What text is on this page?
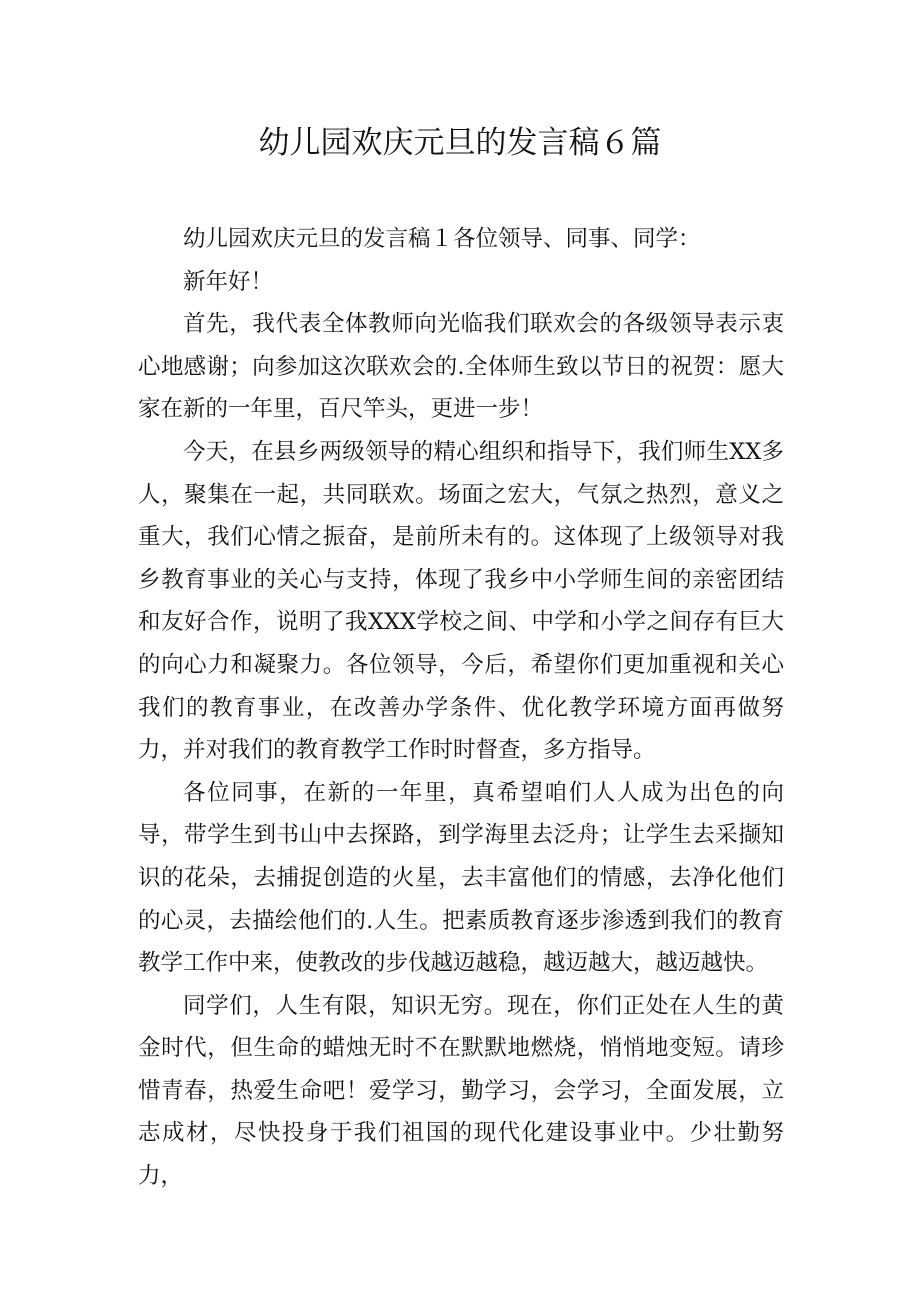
幼儿园欢庆元旦的发言稿６篇

幼儿园欢庆元旦的发言稿１各位领导、同事、同学：

新年好！

首先，我代表全体教师向光临我们联欢会的各级领导表示衷心地感谢；向参加这次联欢会的.全体师生致以节日的祝贺：愿大家在新的一年里，百尺竿头，更进一步！

今天，在县乡两级领导的精心组织和指导下，我们师生XX多人，聚集在一起，共同联欢。场面之宏大，气氛之热烈，意义之重大，我们心情之振奋，是前所未有的。这体现了上级领导对我乡教育事业的关心与支持，体现了我乡中小学师生间的亲密团结和友好合作，说明了我XXX学校之间、中学和小学之间存有巨大的向心力和凝聚力。各位领导，今后，希望你们更加重视和关心我们的教育事业，在改善办学条件、优化教学环境方面再做努力，并对我们的教育教学工作时时督查，多方指导。

各位同事，在新的一年里，真希望咱们人人成为出色的向导，带学生到书山中去探路，到学海里去泛舟；让学生去采撷知识的花朵，去捕捉创造的火星，去丰富他们的情感，去净化他们的心灵，去描绘他们的.人生。把素质教育逐步渗透到我们的教育教学工作中来，使教改的步伐越迈越稳，越迈越大，越迈越快。

同学们，人生有限，知识无穷。现在，你们正处在人生的黄金时代，但生命的蜡烛无时不在默默地燃烧，悄悄地变短。请珍惜青春，热爱生命吧！爱学习，勤学习，会学习，全面发展，立志成材，尽快投身于我们祖国的现代化建设事业中。少壮勤努力，
